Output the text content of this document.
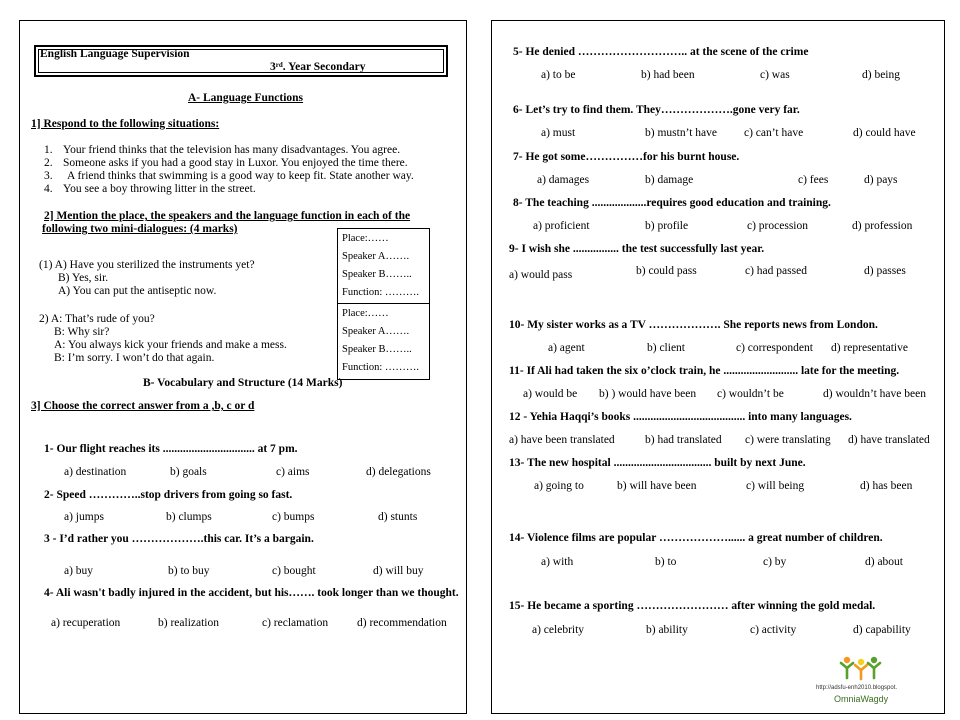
English Language Supervision
3rd. Year Secondary
A- Language Functions
1] Respond to the following situations:
1. Your friend thinks that the television has many disadvantages. You agree.
2. Someone asks if you had a good stay in Luxor. You enjoyed the time there.
3. A friend thinks that swimming is a good way to keep fit. State another way.
4. You see a boy throwing litter in the street.
2] Mention the place, the speakers and the language function in each of the
following two mini-dialogues: (4 marks)
(1) A) Have you sterilized the instruments yet?
B) Yes, sir.
A) You can put the antiseptic now.
2) A: That’s rude of you?
B: Why sir?
A: You always kick your friends and make a mess.
B: I’m sorry. I won’t do that again.
Place:……
Speaker A…….
Speaker B……..
Function: ……….
Place:……
Speaker A…….
Speaker B……..
Function: ……….
B- Vocabulary and Structure (14 Marks)
3] Choose the correct answer from a ,b, c or d
1- Our flight reaches its ................................ at 7 pm.
a) destination	b) goals	c) aims	d) delegations
2- Speed …………..stop drivers from going so fast.
a) jumps	b) clumps	c) bumps	d) stunts
3 - I’d rather you ……………….this car. It’s a bargain.
a) buy	b) to buy	c) bought	d) will buy
4- Ali wasn't badly injured in the accident, but his……. took longer than we thought.
a) recuperation	b) realization	c) reclamation	d) recommendation
5- He denied ……………………….. at the scene of the crime
a) to be	b) had been	c) was	d) being
6- Let’s try to find them. They……………….gone very far.
a) must	b) mustn’t have c) can’t have	d) could have
7- He got some……………for his burnt house.
a) damages	b) damage	c) fees	d) pays
8- The teaching ...................requires good education and training.
a) proficient	b) profile	c) procession	d) profession
9- I wish she ................ the test successfully last year.
a) would pass	b) could pass	c) had passed	d) passes
10- My sister works as a TV ………………. She reports news from London.
a) agent	b) client	c) correspondent d) representative
11- If Ali had taken the six o’clock train, he .......................... late for the meeting.
a) would be b) ) would have been c) wouldn’t be	d) wouldn’t have been
12 - Yehia Haqqi’s books ....................................... into many languages.
a) have been translated	b) had translated c) were translating d) have translated
13- The new hospital .................................. built by next June.
a) going to	b) will have been	c) will being	d) has been
14- Violence films are popular ………………...... a great number of children.
a) with	b) to	c) by	d) about
15- He became a sporting …………………… after winning the gold medal.
a) celebrity	b) ability	c) activity	d) capability
http://adsfu-enh2010.blogspot.
OmniaWagdy
